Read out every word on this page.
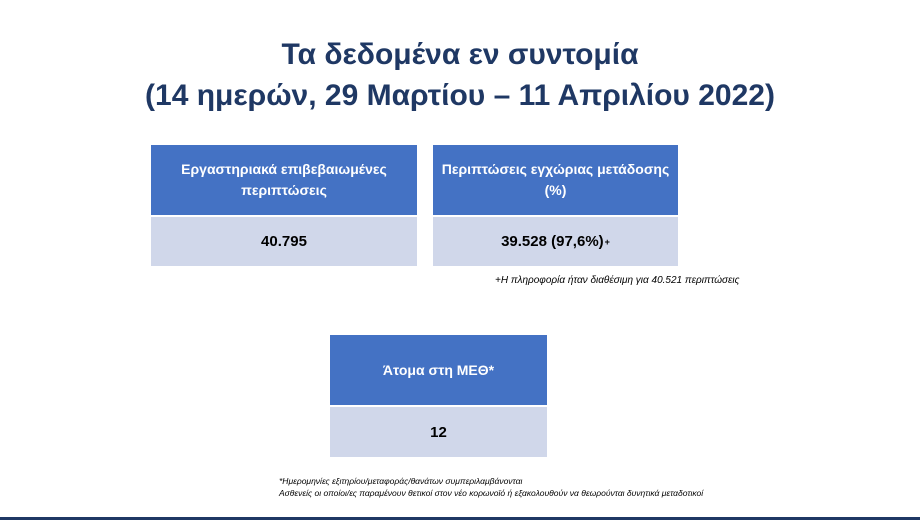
Τα δεδομένα εν συντομία
(14 ημερών, 29 Μαρτίου – 11 Απριλίου 2022)
Εργαστηριακά επιβεβαιωμένες περιπτώσεις
40.795
Περιπτώσεις εγχώριας μετάδοσης (%)
39.528 (97,6%) +
+Η πληροφορία ήταν διαθέσιμη για 40.521 περιπτώσεις
Άτομα στη ΜΕΘ*
12
*Ημερομηνίες εξιτηρίου/μεταφοράς/θανάτων συμπεριλαμβάνονται
Ασθενείς οι οποίοι/ες παραμένουν θετικοί στον νέο κορωνοϊό ή εξακολουθούν να θεωρούνται δυνητικά μεταδοτικοί
